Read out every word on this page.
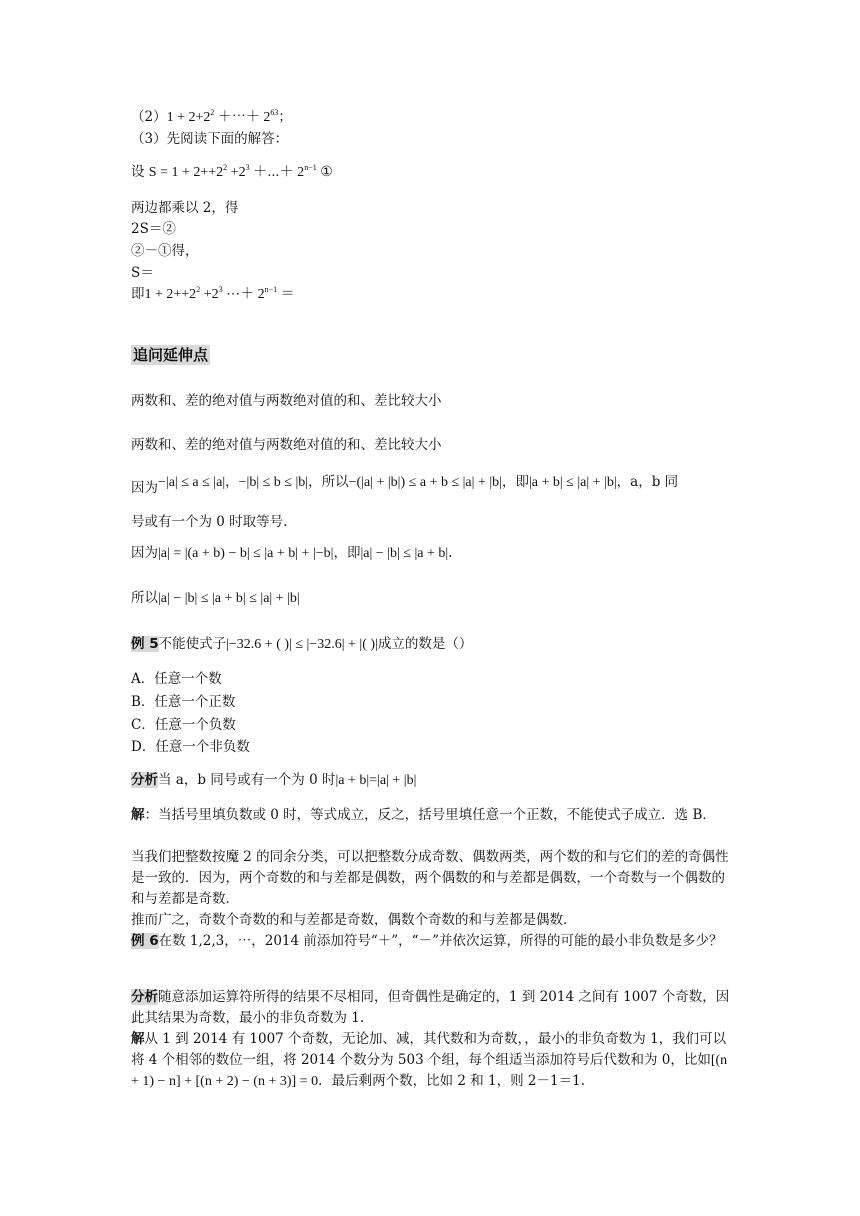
$(2)1 + 2+2^2$ ＋⋯＋ $2^{63}$；
（3）先阅读下面的解答：
设 $S = 1 + 2++2^2 +2^3$ ＋⋯＋ $2^{n-1}$ ①
两边都乘以 2，得
2S＝②
②－①得，
S＝
即$1 + 2++2^2 +2^3$ ⋯＋ $2^{n-1}$ ＝
追问延伸点
两数和、差的绝对值与两数绝对值的和、差比较大小
两数和、差的绝对值与两数绝对值的和、差比较大小
因为−|a| ≤ a ≤ |a|，−|b| ≤ b ≤ |b|，所以−(|a| + |b|) ≤ a + b ≤ |a| + |b|，即|a + b| ≤ |a| + |b|，a，b 同
号或有一个为 0 时取等号.
因为|a| = |(a + b) − b| ≤ |a + b| + |−b|，即|a| − |b| ≤ |a + b|.
所以|a| − |b| ≤ |a + b| ≤ |a| + |b|
例 5不能使式子|−32.6 + ( )| ≤ |−32.6| + |( )|成立的数是（）
A．任意一个数
B．任意一个正数
C．任意一个负数
D．任意一个非负数
分析当 a，b 同号或有一个为 0 时|a + b|=|a| + |b|
解：当括号里填负数或 0 时，等式成立，反之，括号里填任意一个正数，不能使式子成立．选 B．
当我们把整数按魔 2 的同余分类，可以把整数分成奇数、偶数两类，两个数的和与它们的差的奇偶性是一致的．因为，两个奇数的和与差都是偶数，两个偶数的和与差都是偶数，一个奇数与一个偶数的和与差都是奇数．
推而广之，奇数个奇数的和与差都是奇数，偶数个奇数的和与差都是偶数．
例 6在数 1,2,3，⋯，2014 前添加符号“＋”，“－”并依次运算，所得的可能的最小非负数是多少？
分析随意添加运算符所得的结果不尽相同，但奇偶性是确定的，1 到 2014 之间有 1007 个奇数，因此其结果为奇数，最小的非负奇数为 1.
解从 1 到 2014 有 1007 个奇数，无论加、减，其代数和为奇数，，最小的非负奇数为 1，我们可以将 4 个相邻的数位一组，将 2014 个数分为 503 个组，每个组适当添加符号后代数和为 0，比如[(n + 1) − n] + [(n + 2) − (n + 3)] = 0．最后剩两个数，比如 2 和 1，则 2－1＝1.
